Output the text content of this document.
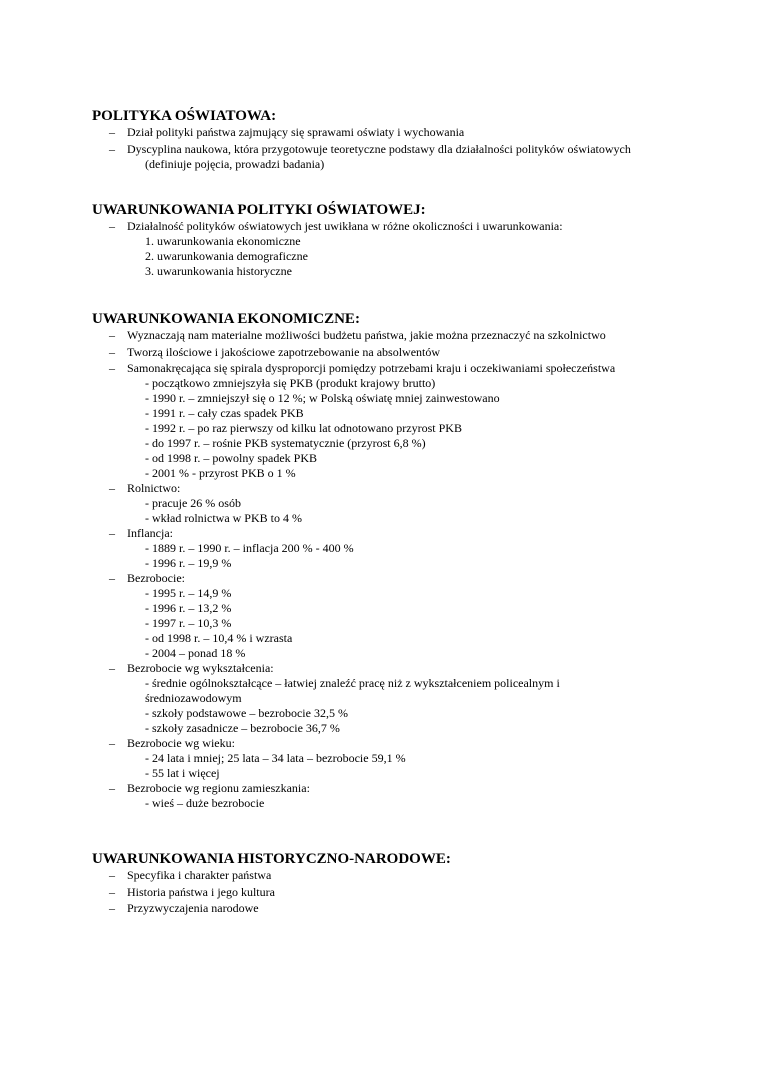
POLITYKA OŚWIATOWA:

– Dział polityki państwa zajmujący się sprawami oświaty i wychowania
– Dyscyplina naukowa, która przygotowuje teoretyczne podstawy dla działalności polityków oświatowych
(definiuje pojęcia, prowadzi badania)

UWARUNKOWANIA POLITYKI OŚWIATOWEJ:

– Działalność polityków oświatowych jest uwikłana w różne okoliczności i uwarunkowania:
1. uwarunkowania ekonomiczne
2. uwarunkowania demograficzne
3. uwarunkowania historyczne

UWARUNKOWANIA EKONOMICZNE:

– Wyznaczają nam materialne możliwości budżetu państwa, jakie można przeznaczyć na szkolnictwo
– Tworzą ilościowe i jakościowe zapotrzebowanie na absolwentów
– Samonakręcająca się spirala dysproporcji pomiędzy potrzebami kraju i oczekiwaniami społeczeństwa
- początkowo zmniejszyła się PKB (produkt krajowy brutto)
- 1990 r. – zmniejszył się o 12 %; w Polską oświatę mniej zainwestowano
- 1991 r. – cały czas spadek PKB
- 1992 r. – po raz pierwszy od kilku lat odnotowano przyrost PKB
- do 1997 r. – rośnie PKB systematycznie (przyrost 6,8 %)
- od 1998 r. – powolny spadek PKB
- 2001 % - przyrost PKB o 1 %
– Rolnictwo:
- pracuje 26 % osób
- wkład rolnictwa w PKB to 4 %
– Inflancja:
- 1889 r. – 1990 r. – inflacja 200 % - 400 %
- 1996 r. – 19,9 %
– Bezrobocie:
- 1995 r. – 14,9 %
- 1996 r. – 13,2 %
- 1997 r. – 10,3 %
- od 1998 r. – 10,4 % i wzrasta
- 2004 – ponad 18 %
– Bezrobocie wg wykształcenia:
- średnie ogólnokształcące – łatwiej znaleźć pracę niż z wykształceniem policealnym i
średniozawodowym
- szkoły podstawowe – bezrobocie 32,5 %
- szkoły zasadnicze – bezrobocie 36,7 %
– Bezrobocie wg wieku:
- 24 lata i mniej; 25 lata – 34 lata – bezrobocie 59,1 %
- 55 lat i więcej
– Bezrobocie wg regionu zamieszkania:
- wieś – duże bezrobocie

UWARUNKOWANIA HISTORYCZNO-NARODOWE:

– Specyfika i charakter państwa
– Historia państwa i jego kultura
– Przyzwyczajenia narodowe
